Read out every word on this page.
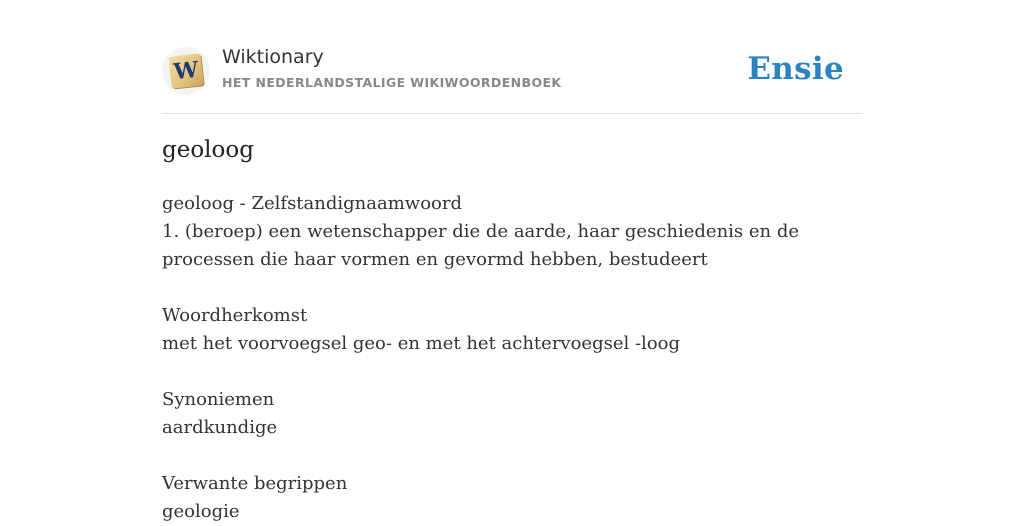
W Wiktionary
HET NEDERLANDSTALIGE WIKIWOORDENBOEK	Ensie
geoloog
geoloog - Zelfstandignaamwoord
1. (beroep) een wetenschapper die de aarde, haar geschiedenis en de processen die haar vormen en gevormd hebben, bestudeert
Woordherkomst
met het voorvoegsel geo- en met het achtervoegsel -loog
Synoniemen
aardkundige
Verwante begrippen
geologie
